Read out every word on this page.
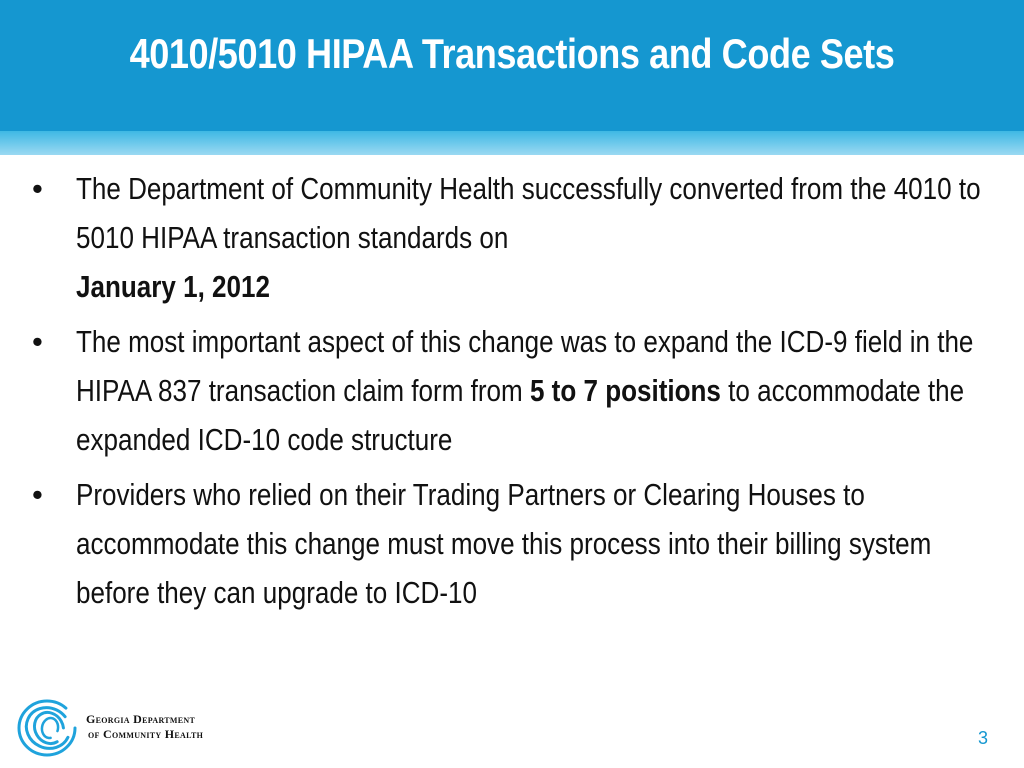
4010/5010 HIPAA Transactions and Code Sets
• The Department of Community Health successfully converted from the 4010 to 5010 HIPAA transaction standards on
January 1, 2012
• The most important aspect of this change was to expand the ICD-9 field in the HIPAA 837 transaction claim form from 5 to 7 positions to accommodate the expanded ICD-10 code structure
• Providers who relied on their Trading Partners or Clearing Houses to accommodate this change must move this process into their billing system before they can upgrade to ICD-10
Georgia Department
of Community Health	3
